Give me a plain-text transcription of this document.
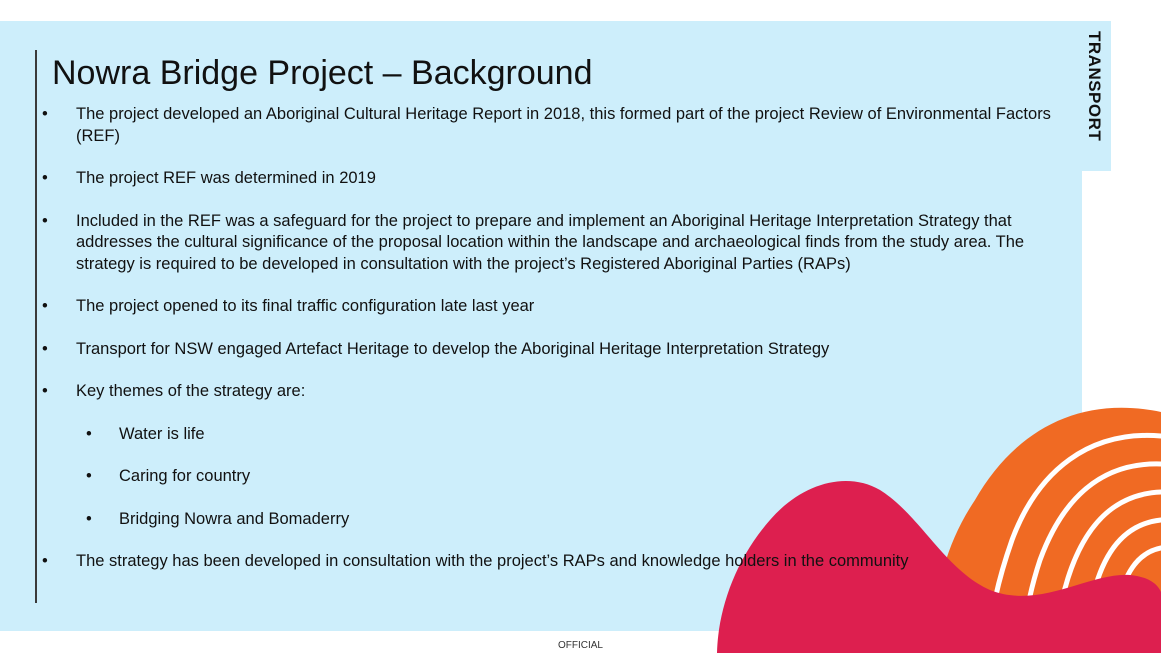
TRANSPORT
Nowra Bridge Project – Background
• The project developed an Aboriginal Cultural Heritage Report in 2018, this formed part of the project Review of Environmental Factors (REF)
• The project REF was determined in 2019
• Included in the REF was a safeguard for the project to prepare and implement an Aboriginal Heritage Interpretation Strategy that addresses the cultural significance of the proposal location within the landscape and archaeological finds from the study area. The strategy is required to be developed in consultation with the project’s Registered Aboriginal Parties (RAPs)
• The project opened to its final traffic configuration late last year
• Transport for NSW engaged Artefact Heritage to develop the Aboriginal Heritage Interpretation Strategy
• Key themes of the strategy are:
• Water is life
• Caring for country
• Bridging Nowra and Bomaderry
• The strategy has been developed in consultation with the project’s RAPs and knowledge holders in the community
OFFICIAL
